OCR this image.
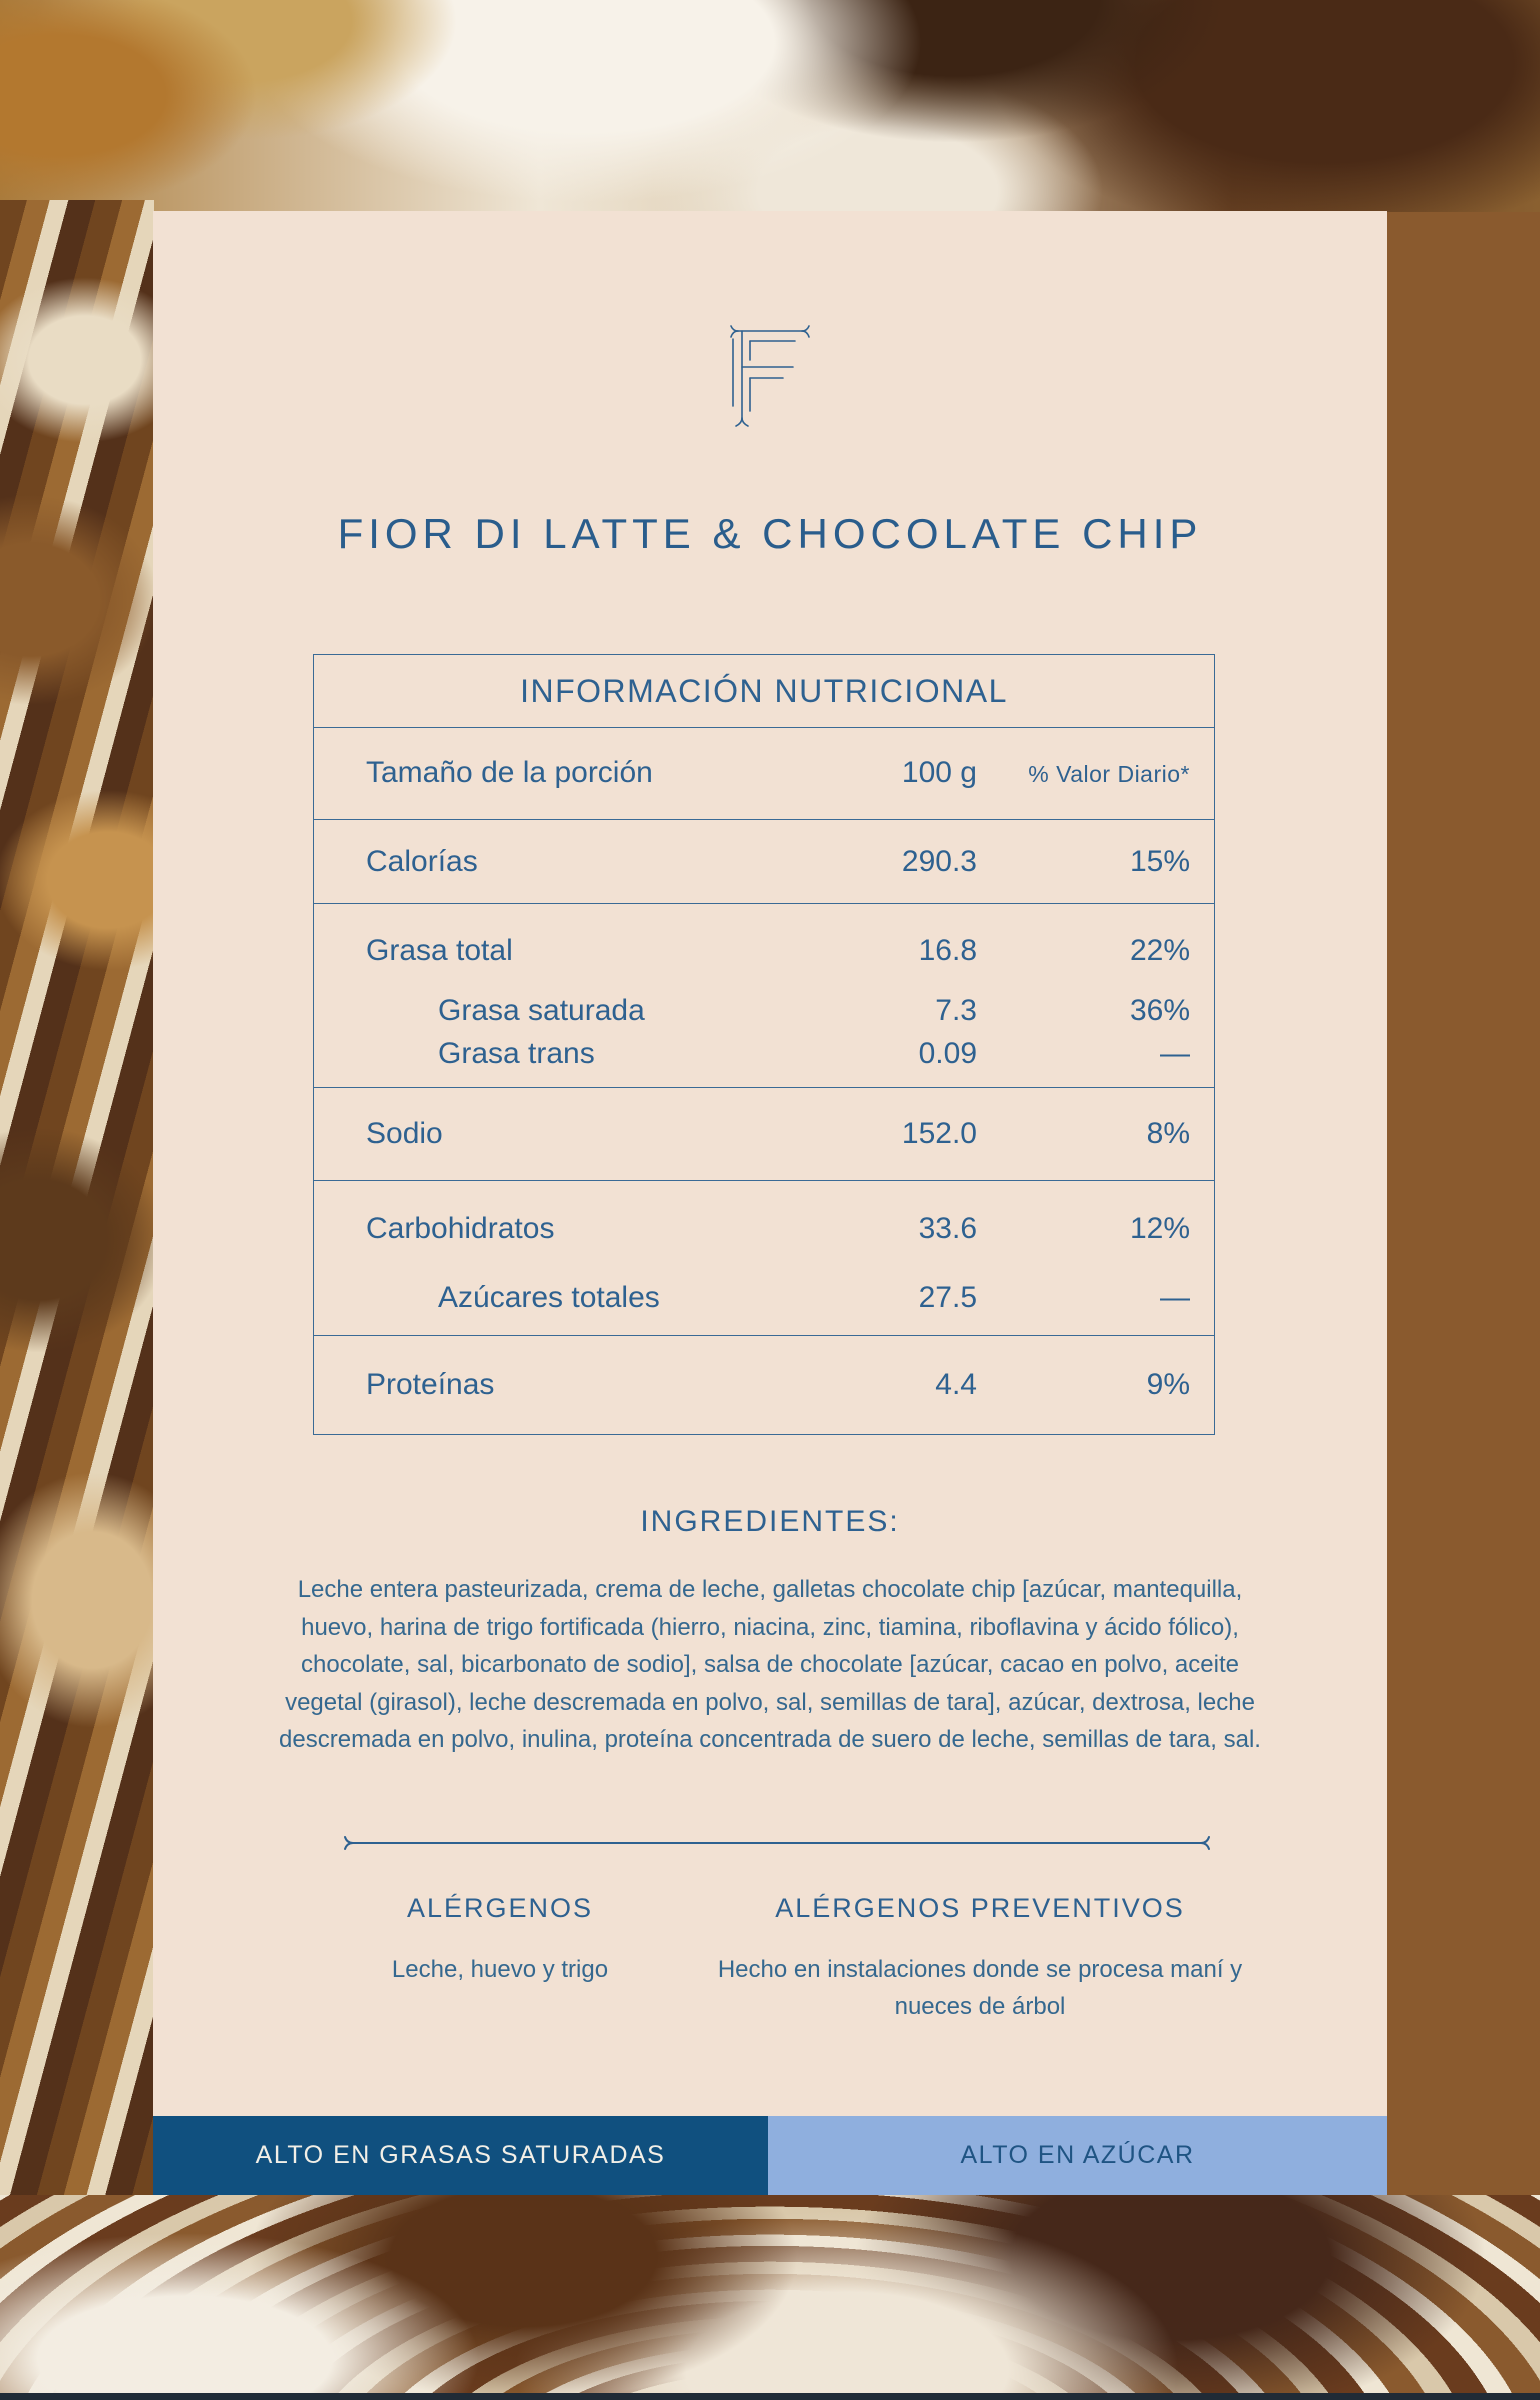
FIOR DI LATTE & CHOCOLATE CHIP
INFORMACIÓN NUTRICIONAL
Tamaño de la porción	100 g	% Valor Diario*
Calorías	290.3	15%
Grasa total	16.8	22%
Grasa saturada	7.3	36%
Grasa trans	0.09	—
Sodio	152.0	8%
Carbohidratos	33.6	12%
Azúcares totales	27.5	—
Proteínas	4.4	9%
INGREDIENTES:
Leche entera pasteurizada, crema de leche, galletas chocolate chip [azúcar, mantequilla, huevo, harina de trigo fortificada (hierro, niacina, zinc, tiamina, riboflavina y ácido fólico), chocolate, sal, bicarbonato de sodio], salsa de chocolate [azúcar, cacao en polvo, aceite vegetal (girasol), leche descremada en polvo, sal, semillas de tara], azúcar, dextrosa, leche descremada en polvo, inulina, proteína concentrada de suero de leche, semillas de tara, sal.
ALÉRGENOS
Leche, huevo y trigo
ALÉRGENOS PREVENTIVOS
Hecho en instalaciones donde se procesa maní y nueces de árbol
ALTO EN GRASAS SATURADAS	ALTO EN AZÚCAR
